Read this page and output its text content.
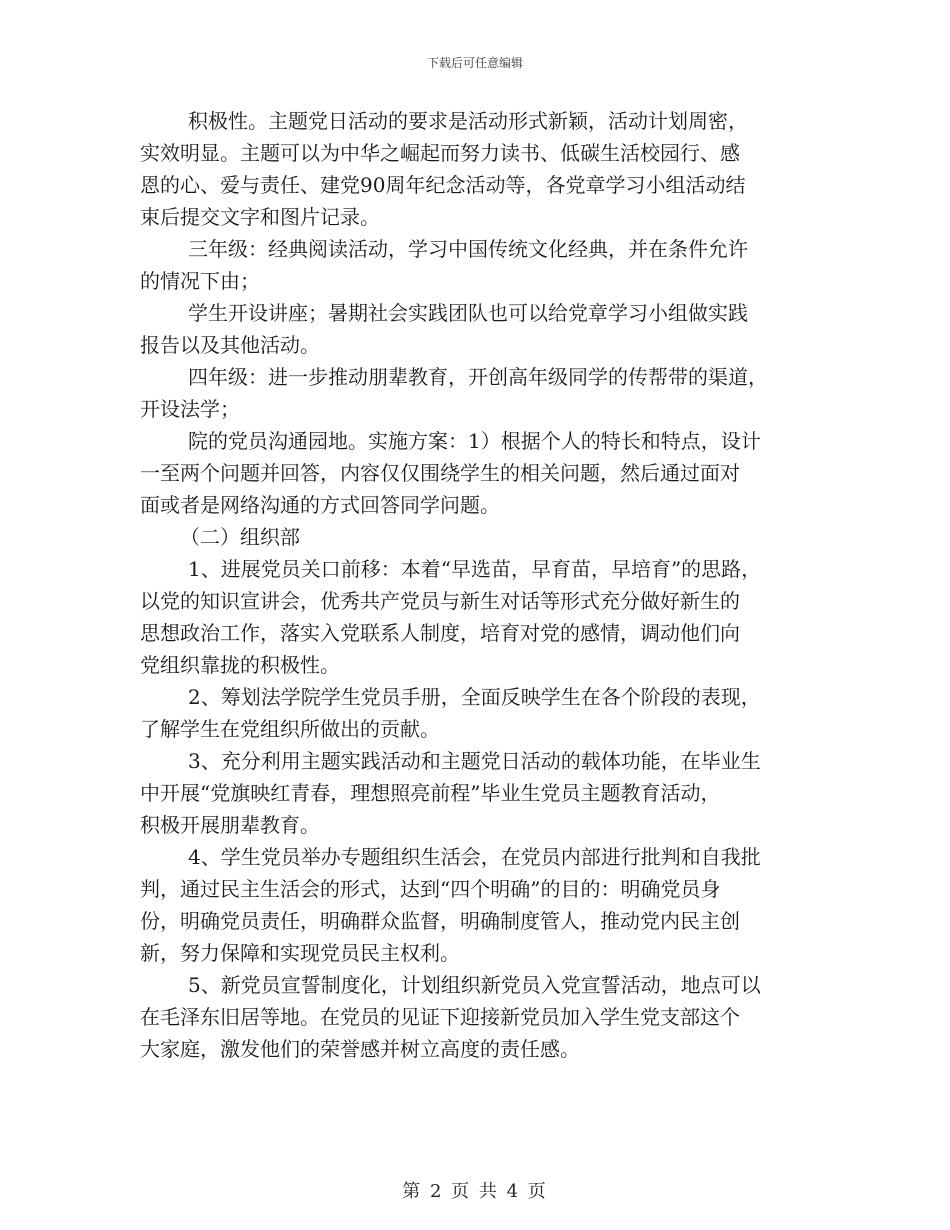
下载后可任意编辑

积极性。主题党日活动的要求是活动形式新颖，活动计划周密，
实效明显。主题可以为中华之崛起而努力读书、低碳生活校园行、感
恩的心、爱与责任、建党90周年纪念活动等，各党章学习小组活动结
束后提交文字和图片记录。

三年级：经典阅读活动，学习中国传统文化经典，并在条件允许
的情况下由；

学生开设讲座；暑期社会实践团队也可以给党章学习小组做实践
报告以及其他活动。

四年级：进一步推动朋辈教育，开创高年级同学的传帮带的渠道，
开设法学；

院的党员沟通园地。实施方案：1）根据个人的特长和特点，设计
一至两个问题并回答，内容仅仅围绕学生的相关问题，然后通过面对
面或者是网络沟通的方式回答同学问题。

（二）组织部

1、进展党员关口前移：本着“早选苗，早育苗，早培育”的思路，
以党的知识宣讲会，优秀共产党员与新生对话等形式充分做好新生的
思想政治工作，落实入党联系人制度，培育对党的感情，调动他们向
党组织靠拢的积极性。

2、筹划法学院学生党员手册，全面反映学生在各个阶段的表现，
了解学生在党组织所做出的贡献。

3、充分利用主题实践活动和主题党日活动的载体功能，在毕业生
中开展“党旗映红青春，理想照亮前程”毕业生党员主题教育活动，
积极开展朋辈教育。

4、学生党员举办专题组织生活会，在党员内部进行批判和自我批
判，通过民主生活会的形式，达到“四个明确”的目的：明确党员身
份，明确党员责任，明确群众监督，明确制度管人，推动党内民主创
新，努力保障和实现党员民主权利。

5、新党员宣誓制度化，计划组织新党员入党宣誓活动，地点可以
在毛泽东旧居等地。在党员的见证下迎接新党员加入学生党支部这个
大家庭，激发他们的荣誉感并树立高度的责任感。

第 2 页 共 4 页
